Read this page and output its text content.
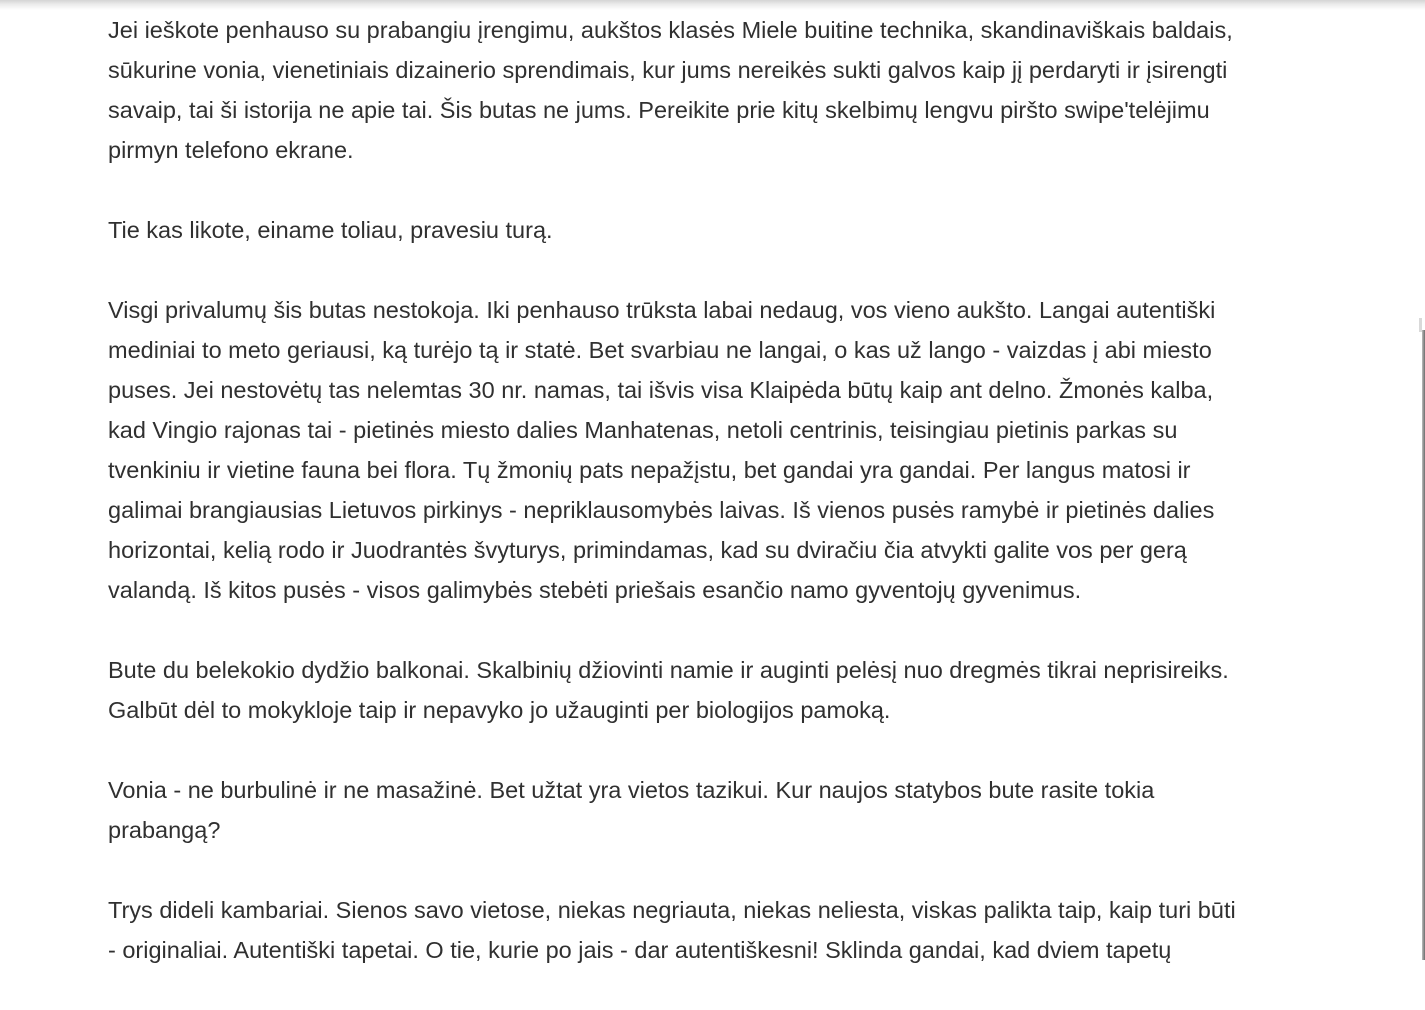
Jei ieškote penhauso su prabangiu įrengimu, aukštos klasės Miele buitine technika, skandinaviškais baldais,
sūkurine vonia, vienetiniais dizainerio sprendimais, kur jums nereikės sukti galvos kaip jį perdaryti ir įsirengti
savaip, tai ši istorija ne apie tai. Šis butas ne jums. Pereikite prie kitų skelbimų lengvu piršto swipe'telėjimu
pirmyn telefono ekrane.

Tie kas likote, einame toliau, pravesiu turą.

Visgi privalumų šis butas nestokoja. Iki penhauso trūksta labai nedaug, vos vieno aukšto. Langai autentiški
mediniai to meto geriausi, ką turėjo tą ir statė. Bet svarbiau ne langai, o kas už lango - vaizdas į abi miesto
puses. Jei nestovėtų tas nelemtas 30 nr. namas, tai išvis visa Klaipėda būtų kaip ant delno. Žmonės kalba,
kad Vingio rajonas tai - pietinės miesto dalies Manhatenas, netoli centrinis, teisingiau pietinis parkas su
tvenkiniu ir vietine fauna bei flora. Tų žmonių pats nepažįstu, bet gandai yra gandai. Per langus matosi ir
galimai brangiausias Lietuvos pirkinys - nepriklausomybės laivas. Iš vienos pusės ramybė ir pietinės dalies
horizontai, kelią rodo ir Juodrantės švyturys, primindamas, kad su dviračiu čia atvykti galite vos per gerą
valandą. Iš kitos pusės - visos galimybės stebėti priešais esančio namo gyventojų gyvenimus.

Bute du belekokio dydžio balkonai. Skalbinių džiovinti namie ir auginti pelėsį nuo dregmės tikrai neprisireiks.
Galbūt dėl to mokykloje taip ir nepavyko jo užauginti per biologijos pamoką.

Vonia - ne burbulinė ir ne masažinė. Bet užtat yra vietos tazikui. Kur naujos statybos bute rasite tokia
prabangą?

Trys dideli kambariai. Sienos savo vietose, niekas negriauta, niekas neliesta, viskas palikta taip, kaip turi būti
- originaliai. Autentiški tapetai. O tie, kurie po jais - dar autentiškesni! Sklinda gandai, kad dviem tapetų
